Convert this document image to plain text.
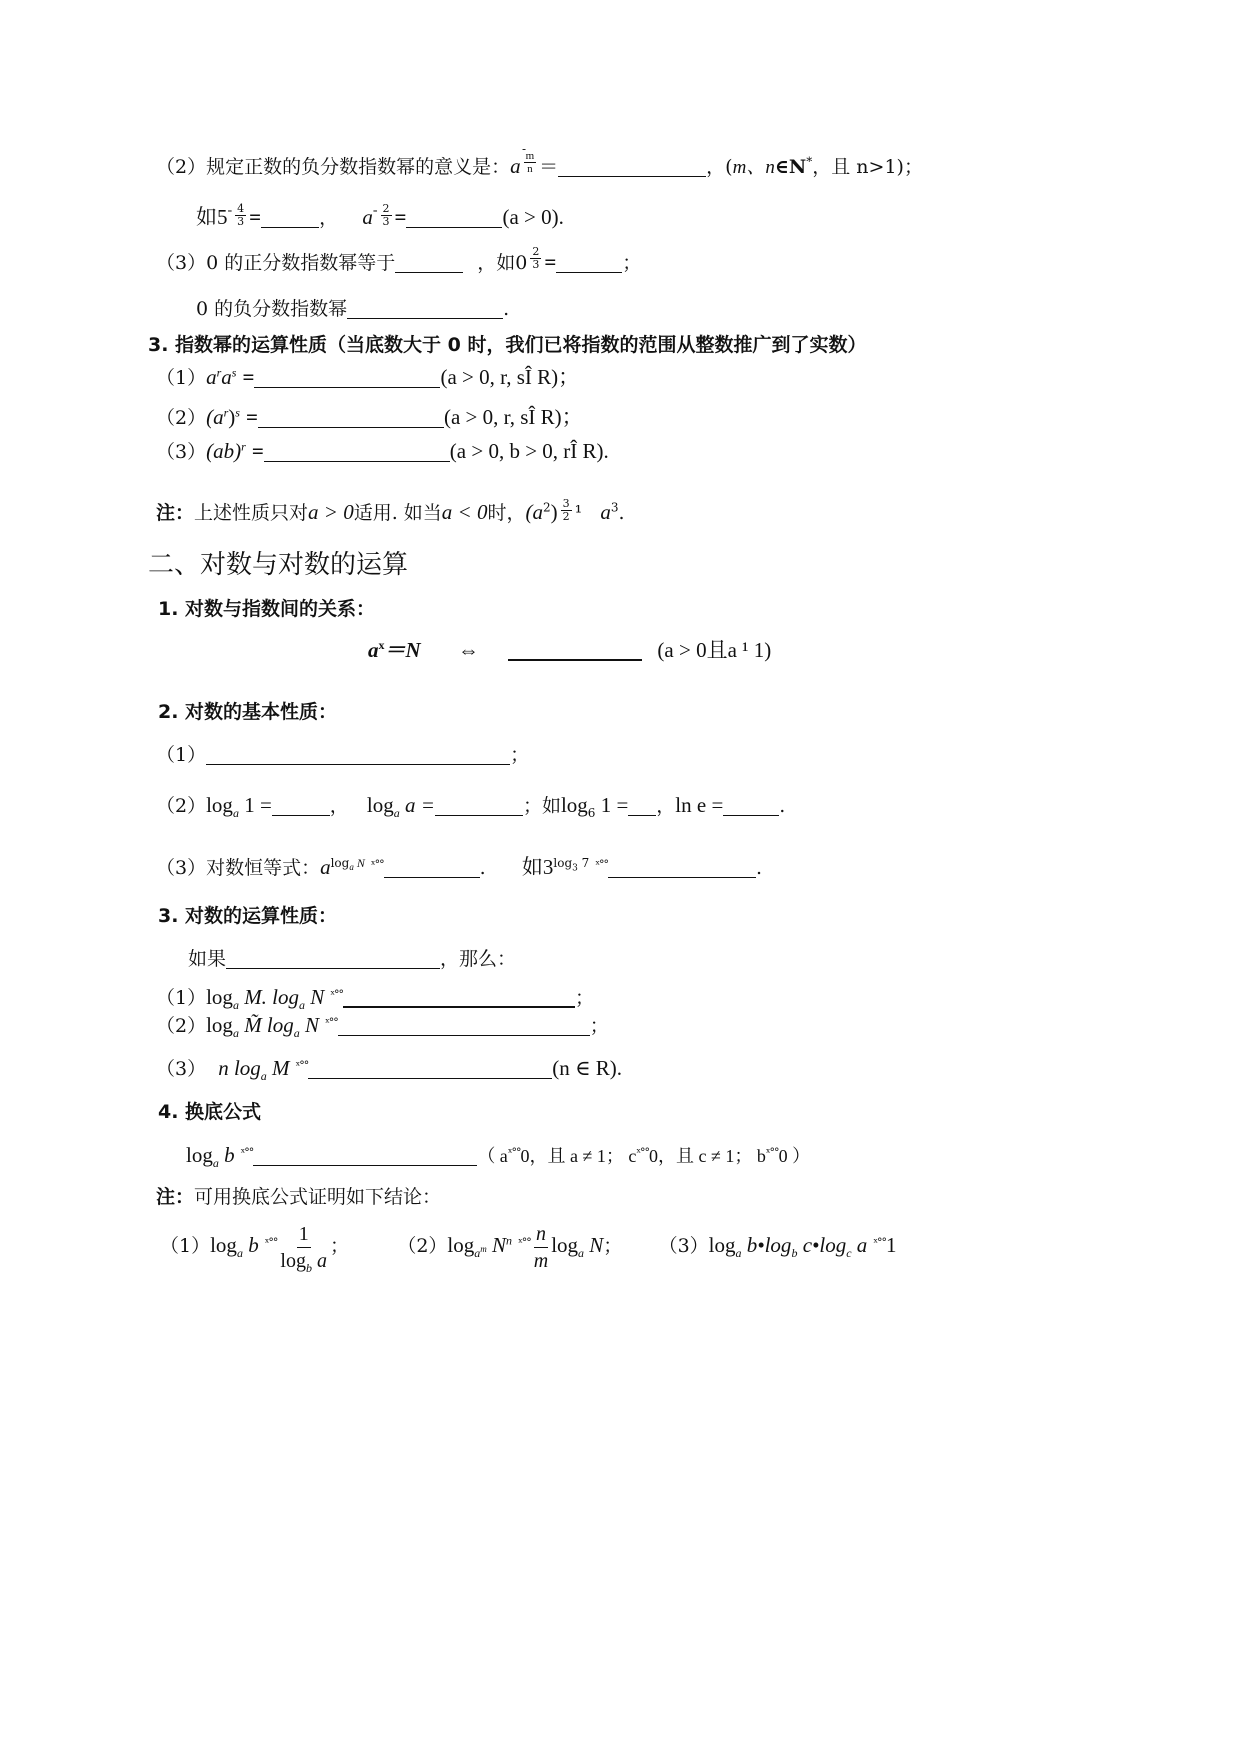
（2）规定正数的负分数指数幂的意义是：a $\frac{m}{n}$ ＝	，(m、n∈N*，且 n>1)；
-
如$5^- \frac{4}{3}$ =	， $a^- \frac{2}{3}$ =	(a > 0).
（3）0 的正分数指数幂等于	，如$0 \frac{2}{3}$ =	；
0 的负分数指数幂	.
3. 指数幂的运算性质（当底数大于 0 时，我们已将指数的范围从整数推广到了实数）
$(1)a^ra^s$ =	(a > 0, r, sÎ R)；
$(2)(a^r)^s$ =	(a > 0, r, sÎ R)；
（3）(ab)$^r$ =	(a > 0, b > 0, rÎ R).
注：上述性质只对a > 0适用. 如当a < 0时，$(a^2) \frac{3}{2} ^1$ $a^3$.
二、对数与对数的运算
1. 对数与指数间的关系：
$a^x=N$ ⇔	(a > 0且a ¹ 1)
2. 对数的基本性质：
（1）	；
$(2)\log_a$ 1 =	， $\log_a a$ =	；如$\log_6 1$ = ，ln e =	.
（3）对数恒等式：$a^{log_a N}$ $^{ˣ^\circ^\circ}$	. 如$3^{log_3 7}$ $^{ˣ^\circ^\circ}$	.
3. 对数的运算性质：
如果	，那么：
$(1)\log_a$ M. $\log_a N$ $^{ˣ^\circ^\circ}$	；
$(2)\log_a$ M̃ $\log_a N$ $^{ˣ^\circ^\circ}$	；
（3） n $\log_a M$ $^{ˣ^\circ^\circ}$	(n ∈ R).
4. 换底公式
$\log_a b$ $^{ˣ^\circ^\circ}$	（ $a^{ˣ^\circ^\circ}0$，且 a ≠ 1； $c^{ˣ^\circ^\circ}0$，且 c ≠ 1； $b^{ˣ^\circ^\circ}0$ ）
注：可用换底公式证明如下结论：
$(1)\log_a$ b $^{ˣ^\circ^\circ} \frac{1}{\log_b a}$ ；	$(2)\log_{a^m}$ $N^n$ $^{ˣ^\circ^\circ} \frac{n}{m} \log_a N$； $(3)\log_a$ $b•\log_b$ $c•\log_c$ a $^{ˣ^\circ^\circ}$1
